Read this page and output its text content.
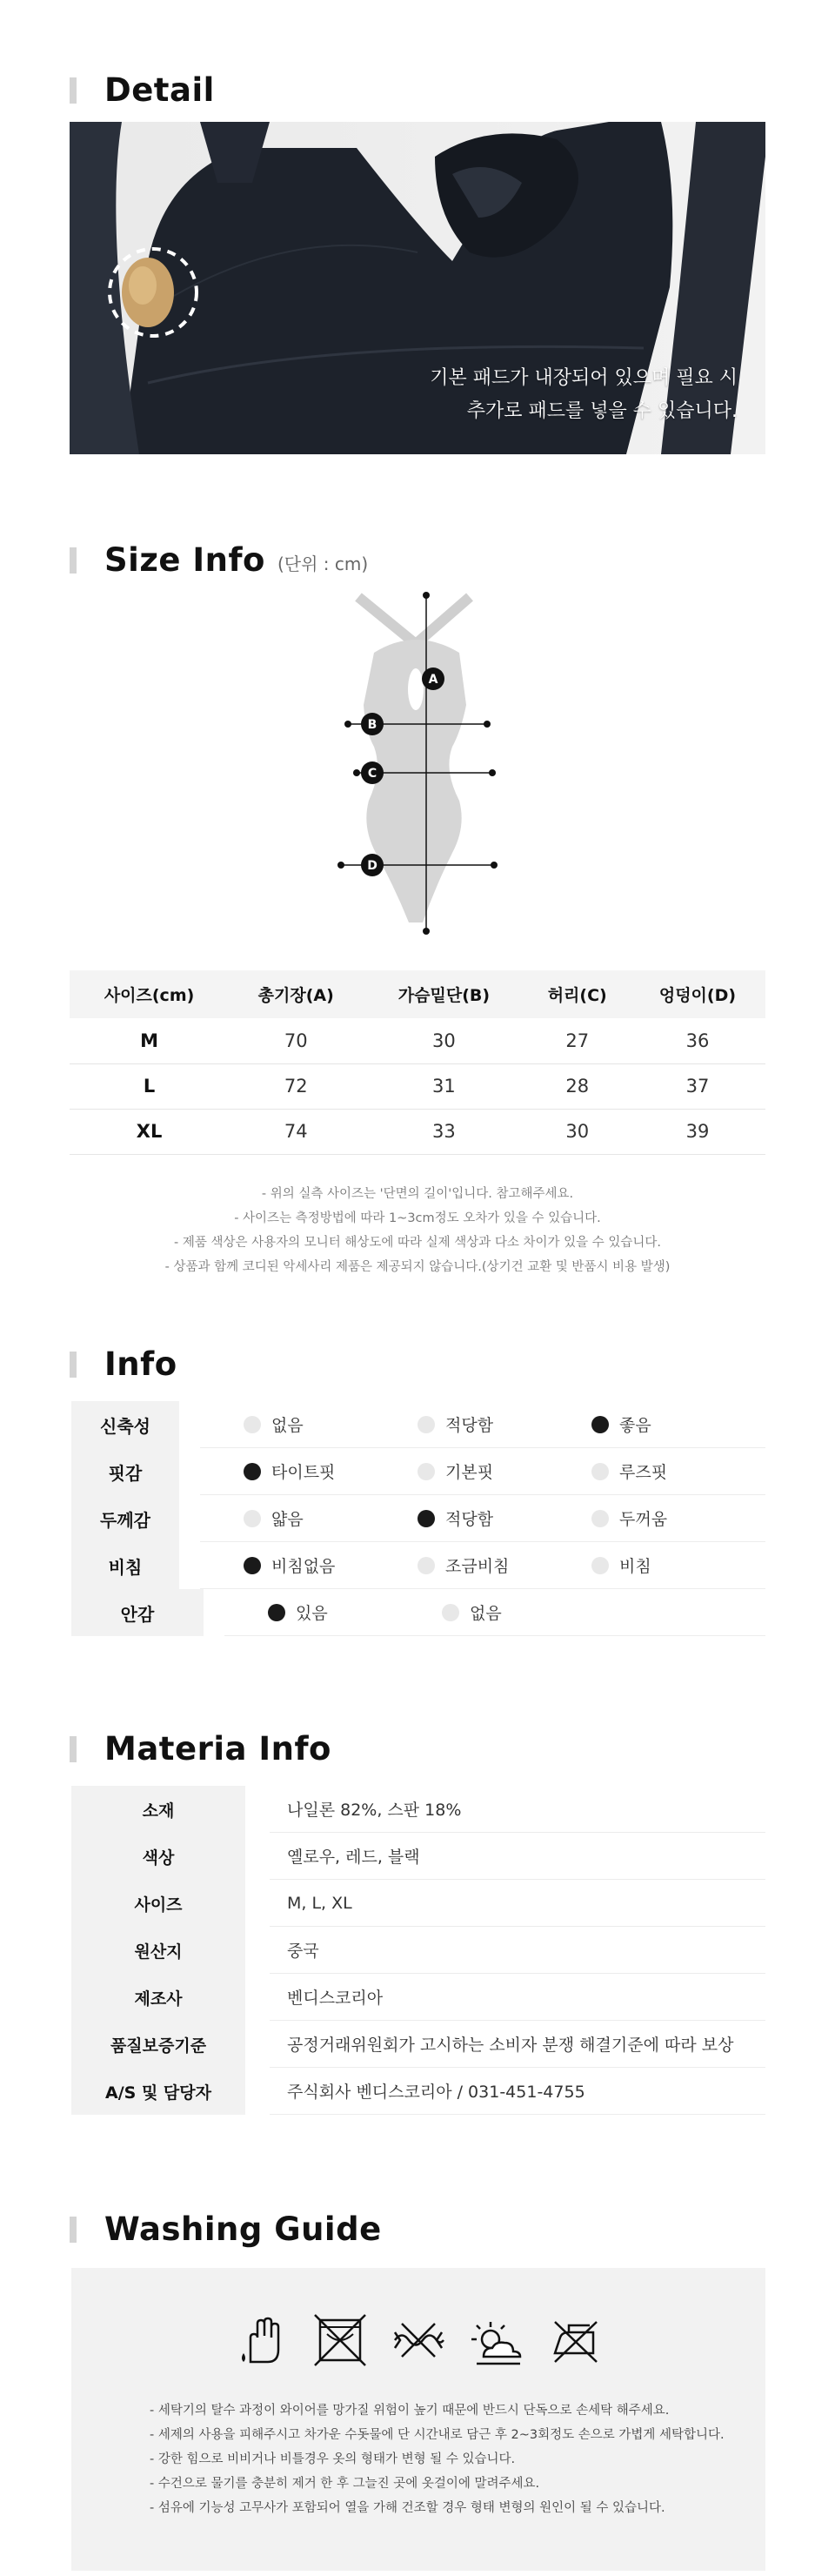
Detail
기본 패드가 내장되어 있으며 필요 시
추가로 패드를 넣을 수 있습니다.
Size Info (단위 : cm)
A
B
C
D
사이즈(cm)	총기장(A)	가슴밑단(B)	허리(C)	엉덩이(D)
M	70	30	27	36
L	72	31	28	37
XL	74	33	30	39
- 위의 실측 사이즈는 '단면의 길이'입니다. 참고해주세요.
- 사이즈는 측정방법에 따라 1~3cm정도 오차가 있을 수 있습니다.
- 제품 색상은 사용자의 모니터 해상도에 따라 실제 색상과 다소 차이가 있을 수 있습니다.
- 상품과 함께 코디된 악세사리 제품은 제공되지 않습니다.(상기건 교환 및 반품시 비용 발생)
Info
신축성	없음	적당함	좋음
핏감	타이트핏	기본핏	루즈핏
두께감	얇음	적당함	두꺼움
비침	비침없음	조금비침	비침
안감	있음	없음
Materia Info
소재	나일론 82%, 스판 18%
색상	옐로우, 레드, 블랙
사이즈	M, L, XL
원산지	중국
제조사	벤디스코리아
품질보증기준	공정거래위원회가 고시하는 소비자 분쟁 해결기준에 따라 보상
A/S 및 담당자	주식회사 벤디스코리아 / 031-451-4755
Washing Guide
- 세탁기의 탈수 과정이 와이어를 망가질 위험이 높기 때문에 반드시 단독으로 손세탁 해주세요.
- 세제의 사용을 피해주시고 차가운 수돗물에 단 시간내로 담근 후 2~3회정도 손으로 가볍게 세탁합니다.
- 강한 힘으로 비비거나 비틀경우 옷의 형태가 변형 될 수 있습니다.
- 수건으로 물기를 충분히 제거 한 후 그늘진 곳에 옷걸이에 말려주세요.
- 섬유에 기능성 고무사가 포함되어 열을 가해 건조할 경우 형태 변형의 원인이 될 수 있습니다.
